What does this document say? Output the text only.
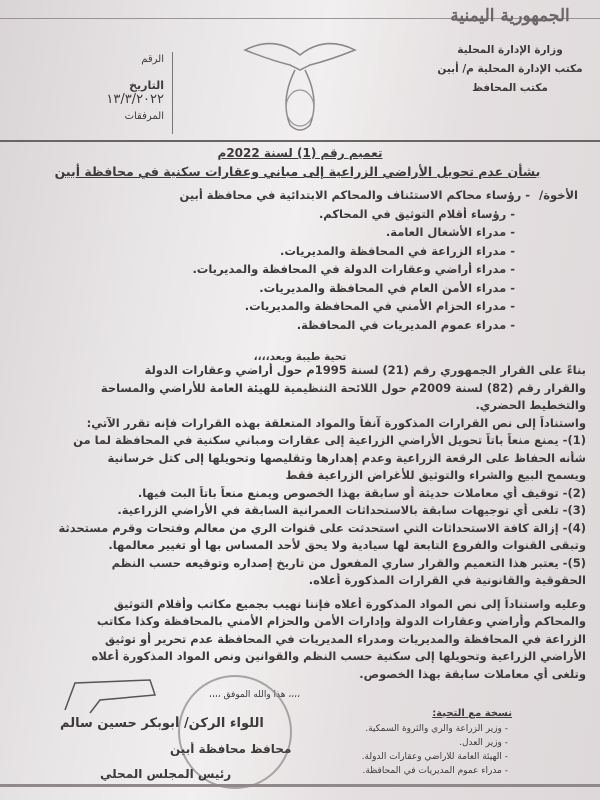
الجمهورية اليمنية
وزارة الإدارة المحلية
مكتب الإدارة المحلية م/ أبين
مكتب المحافظ
الرقم
التاريخ
١٣/٣/٢٠٢٢
المرفقات
تعميم رقم (1) لسنة 2022م
بشأن عدم تحويل الأراضي الزراعية إلى مباني وعقارات سكنية في محافظة أبين
الأخوة/
- رؤساء محاكم الاستئناف والمحاكم الابتدائية في محافظة أبين
- رؤساء أقلام التوثيق في المحاكم.
- مدراء الأشغال العامة.
- مدراء الزراعة في المحافظة والمديريات.
- مدراء أراضي وعقارات الدولة في المحافظة والمديريات.
- مدراء الأمن العام في المحافظة والمديريات.
- مدراء الحزام الأمني في المحافظة والمديريات.
- مدراء عموم المديريات في المحافظة.
تحية طيبة وبعد،،،،
بناءً على القرار الجمهوري رقم (21) لسنة 1995م حول أراضي وعقارات الدولة
والقرار رقم (82) لسنة 2009م حول اللائحة التنظيمية للهيئة العامة للأراضي والمساحة
والتخطيط الحضري.
واستناداً إلى نص القرارات المذكورة آنفاً والمواد المتعلقة بهذه القرارات فإنه تقرر الآتي:
(1)- يمنع منعاً باتاً تحويل الأراضي الزراعية إلى عقارات ومباني سكنية في المحافظة لما من
شأنه الحفاظ على الرقعة الزراعية وعدم إهدارها وتقليصها وتحويلها إلى كتل خرسانية
ويسمح البيع والشراء والتوثيق للأغراض الزراعية فقط
(2)- توقيف أي معاملات حديثة أو سابقة بهذا الخصوص ويمنع منعاً باتاً البت فيها.
(3)- تلغى أي توجيهات سابقة بالاستحداثات العمرانية السابقة في الأراضي الزراعية.
(4)- إزالة كافة الاستحداثات التي استحدثت على قنوات الري من معالم وفتحات وقرم مستحدثة
وتبقى القنوات والفروع التابعة لها سيادية ولا يحق لأحد المساس بها أو تغيير معالمها.
(5)- يعتبر هذا التعميم والقرار ساري المفعول من تاريخ إصداره وتوقيعه حسب النظم
الحقوقية والقانونية في القرارات المذكورة أعلاه.
وعليه واستناداً إلى نص المواد المذكورة أعلاه فإننا نهيب بجميع مكاتب وأقلام التوثيق
والمحاكم وأراضي وعقارات الدولة وإدارات الأمن والحزام الأمني بالمحافظة وكذا مكاتب
الزراعة في المحافظة والمديريات ومدراء المديريات في المحافظة عدم تحرير أو توثيق
الأراضي الزراعية وتحويلها إلى سكنية حسب النظم والقوانين ونص المواد المذكورة أعلاه
وتلغى أي معاملات سابقة بهذا الخصوص.
،،،، هذا والله الموفق ،،،،
نسخة مع التحية:
- وزير الزراعة والري والثروة السمكية.
- وزير العدل.
- الهيئة العامة للأراضي وعقارات الدولة.
- مدراء عموم المديريات في المحافظة.
اللواء الركن/ أبوبكر حسين سالم
محافظ محافظة أبين
رئيس المجلس المحلي
